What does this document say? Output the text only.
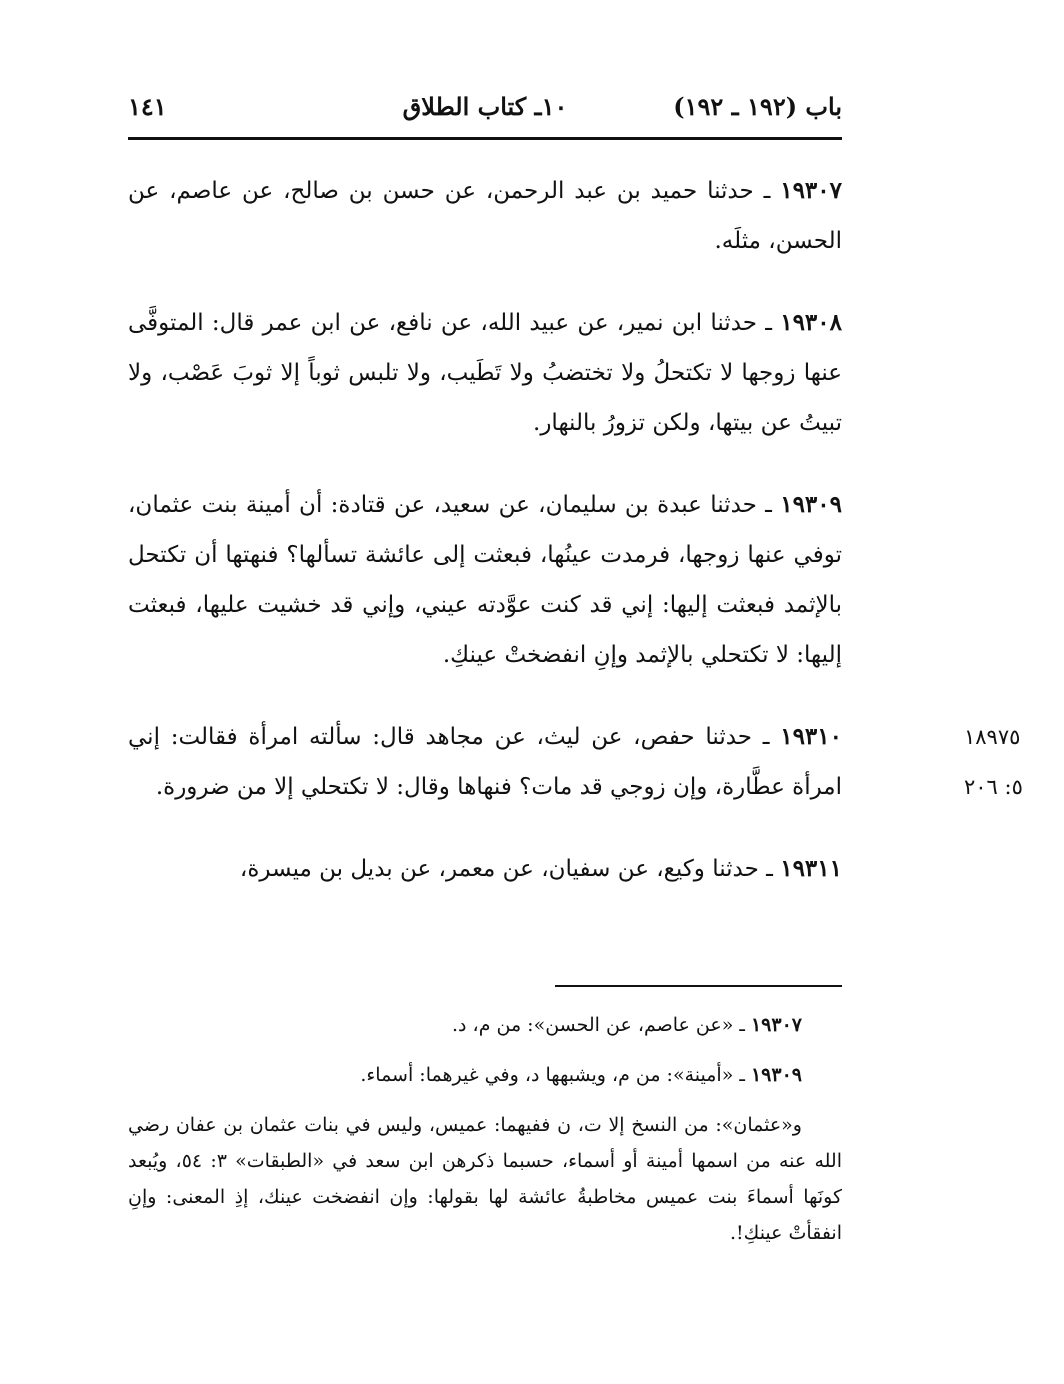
باب (١٩٢ ـ ١٩٢)
١٠ـ كتاب الطلاق
١٤١

١٩٣٠٧ ـ حدثنا حميد بن عبد الرحمن، عن حسن بن صالح، عن عاصم، عن الحسن، مثلَه.

١٩٣٠٨ ـ حدثنا ابن نمير، عن عبيد الله، عن نافع، عن ابن عمر قال: المتوفَّى عنها زوجها لا تكتحلُ ولا تختضبُ ولا تَطَيب، ولا تلبس ثوباً إلا ثوبَ عَصْب، ولا تبيتُ عن بيتها، ولكن تزورُ بالنهار.

١٩٣٠٩ ـ حدثنا عبدة بن سليمان، عن سعيد، عن قتادة: أن أمينة بنت عثمان، توفي عنها زوجها، فرمدت عينُها، فبعثت إلى عائشة تسألها؟ فنهتها أن تكتحل بالإثمد فبعثت إليها: إني قد كنت عوَّدته عيني، وإني قد خشيت عليها، فبعثت إليها: لا تكتحلي بالإثمد وإنِ انفضختْ عينكِ.

١٨٩٧٥
٥: ٢٠٦
١٩٣١٠ ـ حدثنا حفص، عن ليث، عن مجاهد قال: سألته امرأة فقالت: إني امرأة عطَّارة، وإن زوجي قد مات؟ فنهاها وقال: لا تكتحلي إلا من ضرورة.

١٩٣١١ ـ حدثنا وكيع، عن سفيان، عن معمر، عن بديل بن ميسرة،

١٩٣٠٧ ـ «عن عاصم، عن الحسن»: من م، د.

١٩٣٠٩ ـ «أمينة»: من م، ويشبهها د، وفي غيرهما: أسماء.

و«عثمان»: من النسخ إلا ت، ن ففيهما: عميس، وليس في بنات عثمان بن عفان رضي الله عنه من اسمها أمينة أو أسماء، حسبما ذكرهن ابن سعد في «الطبقات» ٣: ٥٤، ويُبعد كونَها أسماءَ بنت عميس مخاطبةُ عائشة لها بقولها: وإن انفضخت عينك، إذِ المعنى: وإنِ انفقأتْ عينكِ!.
